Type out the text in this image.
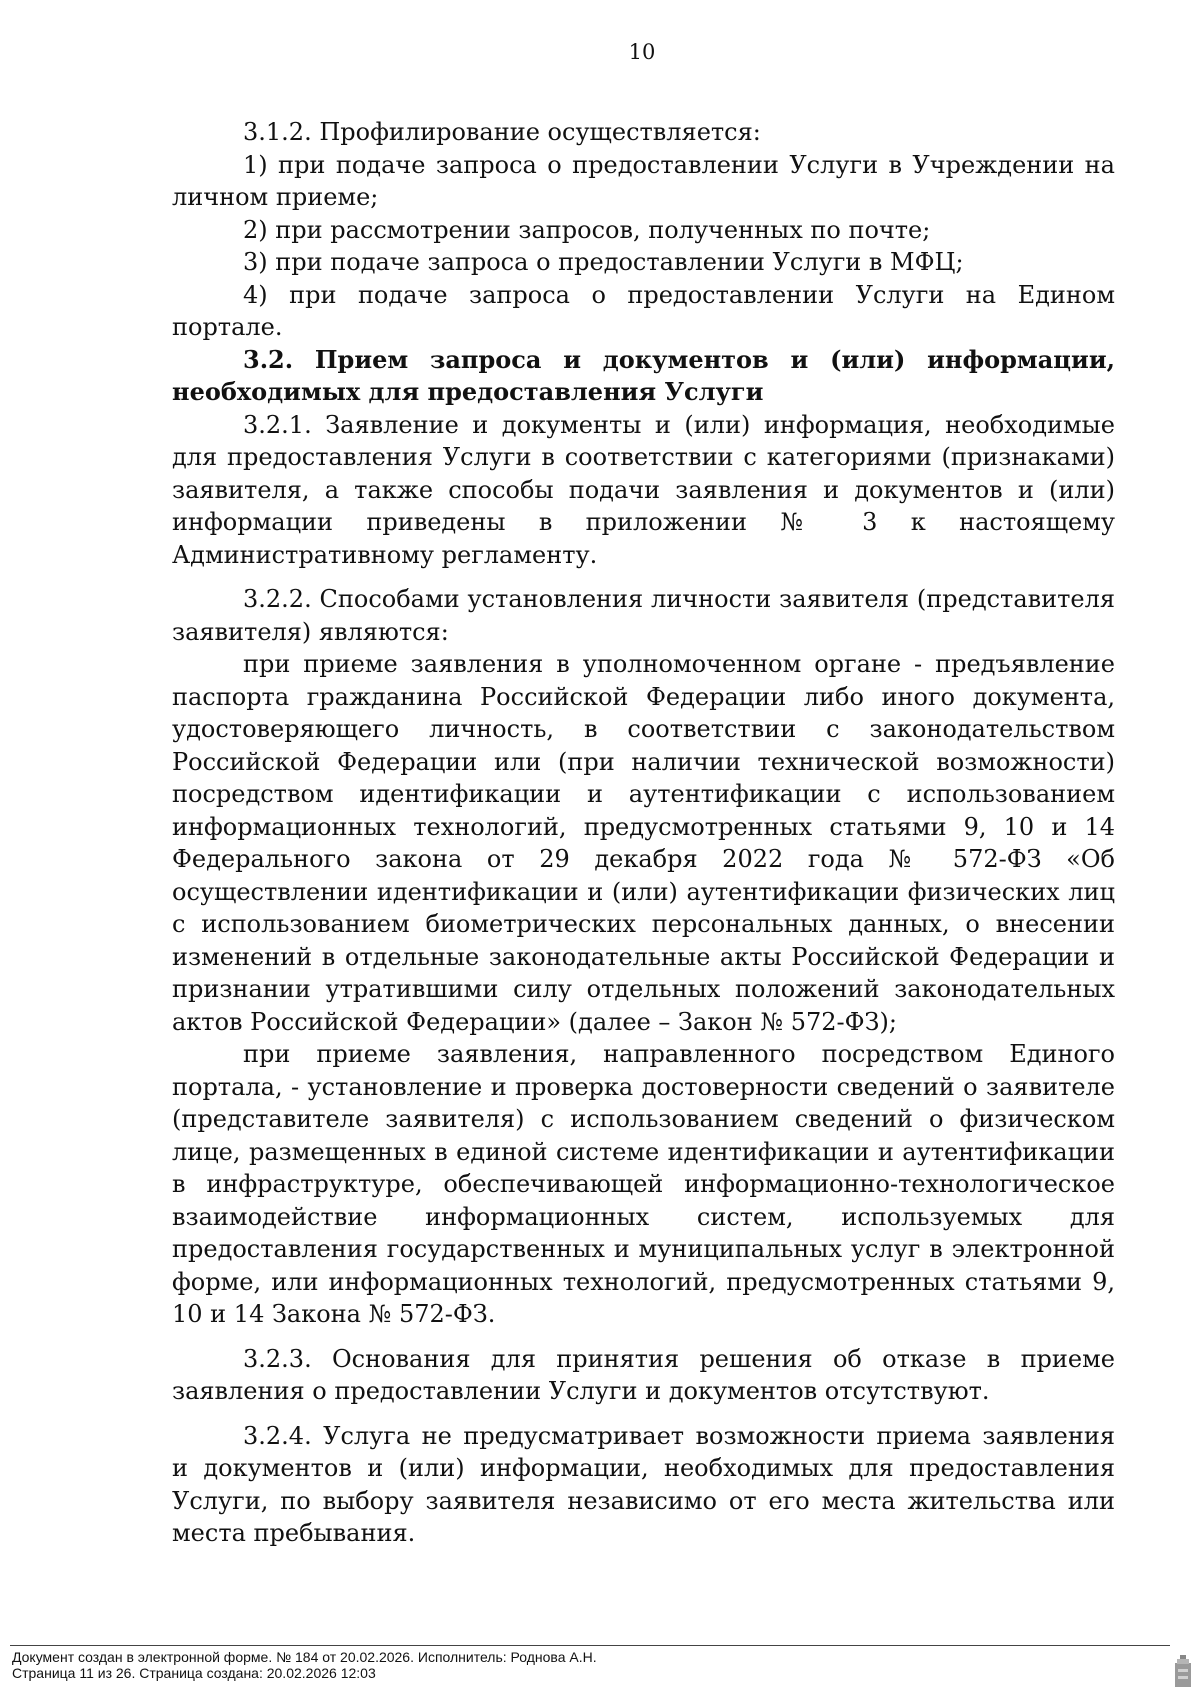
10

3.1.2. Профилирование осуществляется:

1) при подаче запроса о предоставлении Услуги в Учреждении на личном приеме;

2) при рассмотрении запросов, полученных по почте;

3) при подаче запроса о предоставлении Услуги в МФЦ;

4) при подаче запроса о предоставлении Услуги на Едином портале.

3.2. Прием запроса и документов и (или) информации, необходимых для предоставления Услуги

3.2.1. Заявление и документы и (или) информация, необходимые для предоставления Услуги в соответствии с категориями (признаками) заявителя, а также способы подачи заявления и документов и (или) информации приведены в приложении № 3 к настоящему Административному регламенту.

3.2.2. Способами установления личности заявителя (представителя заявителя) являются:

при приеме заявления в уполномоченном органе - предъявление паспорта гражданина Российской Федерации либо иного документа, удостоверяющего личность, в соответствии с законодательством Российской Федерации или (при наличии технической возможности) посредством идентификации и аутентификации с использованием информационных технологий, предусмотренных статьями 9, 10 и 14 Федерального закона от 29 декабря 2022 года № 572-ФЗ «Об осуществлении идентификации и (или) аутентификации физических лиц с использованием биометрических персональных данных, о внесении изменений в отдельные законодательные акты Российской Федерации и признании утратившими силу отдельных положений законодательных актов Российской Федерации» (далее – Закон № 572-ФЗ);

при приеме заявления, направленного посредством Единого портала, - установление и проверка достоверности сведений о заявителе (представителе заявителя) с использованием сведений о физическом лице, размещенных в единой системе идентификации и аутентификации в инфраструктуре, обеспечивающей информационно-технологическое взаимодействие информационных систем, используемых для предоставления государственных и муниципальных услуг в электронной форме, или информационных технологий, предусмотренных статьями 9, 10 и 14 Закона № 572-ФЗ.

3.2.3. Основания для принятия решения об отказе в приеме заявления о предоставлении Услуги и документов отсутствуют.

3.2.4. Услуга не предусматривает возможности приема заявления и документов и (или) информации, необходимых для предоставления Услуги, по выбору заявителя независимо от его места жительства или места пребывания.

Документ создан в электронной форме. № 184 от 20.02.2026. Исполнитель: Роднова А.Н.
Страница 11 из 26. Страница создана: 20.02.2026 12:03
